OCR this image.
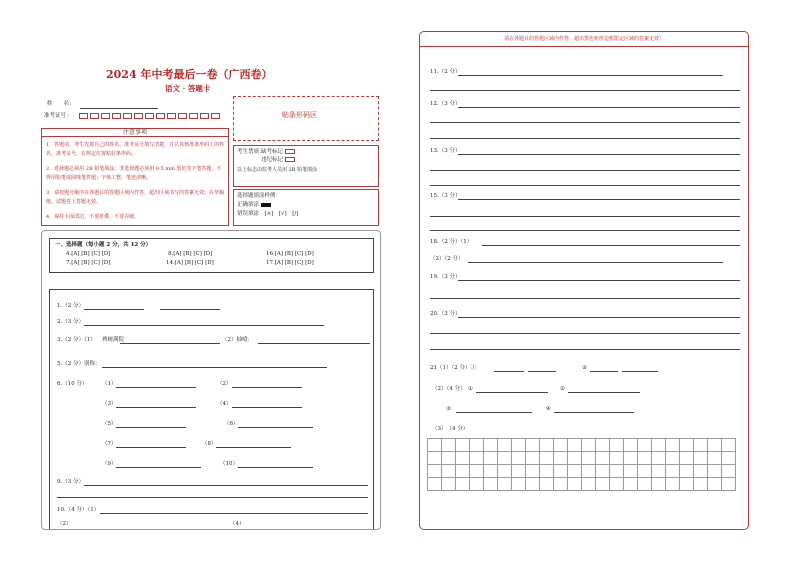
2024 年中考最后一卷（广西卷）
语文 · 答题卡
姓　　名：
准考证号：	贴条形码区
注意事项
1．答题前，考生先将自己的姓名、准考证号填写清楚，并认真核准条形码上的姓名、准考证号，在规定位置贴好条形码。
2．选择题必须用 2B 铅笔填涂；非选择题必须用 0.5 mm 黑色签字笔答题，不得用铅笔或圆珠笔答题；字体工整、笔迹清晰。
3．请按题号顺序在各题目的答题区域内作答，超出区域书写的答案无效；在草稿纸、试题卷上答题无效。
4．保持卡面清洁，不要折叠、不要弄破。
考生禁填：
缺考标记
违纪标记
以上标志由监考人员用 2B 铅笔填涂
选择题填涂样例：
正确填涂
错误填涂　[×]　[√]　[/]
一、选择题（每小题 2 分，共 12 分）
4.[A] [B] [C] [D]	8.[A] [B] [C] [D]	16.[A] [B] [C] [D]
7.[A] [B] [C] [D]	14.[A] [B] [C] [D]	17.[A] [B] [C] [D]
1.（2 分）
2.（3 分）
3.（2 分）（1） 裨树满院	（2）抽噎：
5.（2 分）别称：
6.（10 分）	（1）	（2）
（3）	（4）
（5）	（6）
（7）	（8）
（9）	（10）
9.（3 分）
10.（4 分）（1）
（2）	（4）
请在各题目的答题区域内作答，超出黑色矩形边框限定区域的答案无效！
11.（2 分）
12.（3 分）
13.（3 分）
15.（3 分）
18.（2 分）（1）
（2）（2 分）
19.（3 分）
20.（3 分）
21（1）（2 分）①	②
（2）（4 分） ①	②
③	④
（3）　（4 分）
